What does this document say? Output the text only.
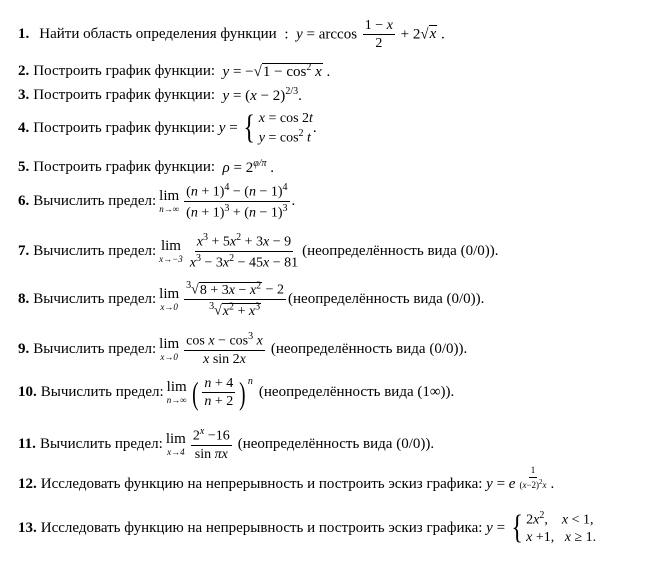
1. Найти область определения функции :  $y = \arccos \frac{1 - x}{2} + 2√x$ .
2. Построить график функции: $y = -√1 - \cos^2 x$ .
3. Построить график функции: $y = (x - 2)^{2/3}$.
4. Построить график функции:
y = { x = cos 2t
$y = \cos^2 t$
.
5. Построить график функции: $\rho = 2^{\varphi/\pi}$ .
6. Вычислить предел: lim
$n\to\infty \frac{(n + 1)^4 - (n - 1)^4}{(n + 1)^3 + (n - 1)^3}$ .
7. Вычислить предел: lim
$x\to-3 \frac{x^3 + 5x^2 + 3x - 9}{x^3 - 3x^2 - 45x - 81}$ (неопределённость вида (0/0)).
8. Вычислить предел: lim
$x\to 0 \frac{^3√8 + 3x - x^2 - 2}{^3√x^2 + x^3}$ (неопределённость вида (0/0)).
9. Вычислить предел: lim
$x\to 0 \frac{\cos x - \cos^3 x}{\text{x sin 2x}}$ (неопределённость вида (0/0)).
10. Вычислить предел: lim
n→∞ ( $\frac{n + 4}{n + 2} )^n$
(неопределённость вида (1∞)).
11. Вычислить предел: lim
$x\to 4 \frac{2^x -16}{\text{sin πx}}$ (неопределённость вида (0/0)).
12. Исследовать функцию на непрерывность и построить эскиз графика:
y = e $\frac{1}{(x-2)^2x}$ .
13. Исследовать функцию на непрерывность и построить эскиз графика:
y = { $2x^2$,    x < 1,
x +1,   x ≥ 1.
